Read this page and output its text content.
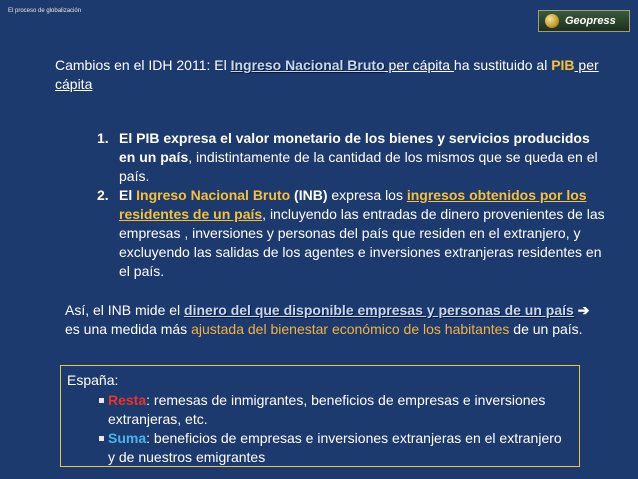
El proceso de globalización
Geopress
Cambios en el IDH 2011: El Ingreso Nacional Bruto per cápita ha sustituido al PIB per cápita
1. El PIB expresa el valor monetario de los bienes y servicios producidos en un país, indistintamente de la cantidad de los mismos que se queda en el país.
2. El Ingreso Nacional Bruto (INB) expresa los ingresos obtenidos por los residentes de un país, incluyendo las entradas de dinero provenientes de las empresas , inversiones y personas del país que residen en el extranjero, y excluyendo las salidas de los agentes e inversiones extranjeras residentes en el país.
Así, el INB mide el dinero del que disponible empresas y personas de un país ➔ es una medida más ajustada del bienestar económico de los habitantes de un país.
España:
Resta: remesas de inmigrantes, beneficios de empresas e inversiones extranjeras, etc.
Suma: beneficios de empresas e inversiones extranjeras en el extranjero y de nuestros emigrantes
